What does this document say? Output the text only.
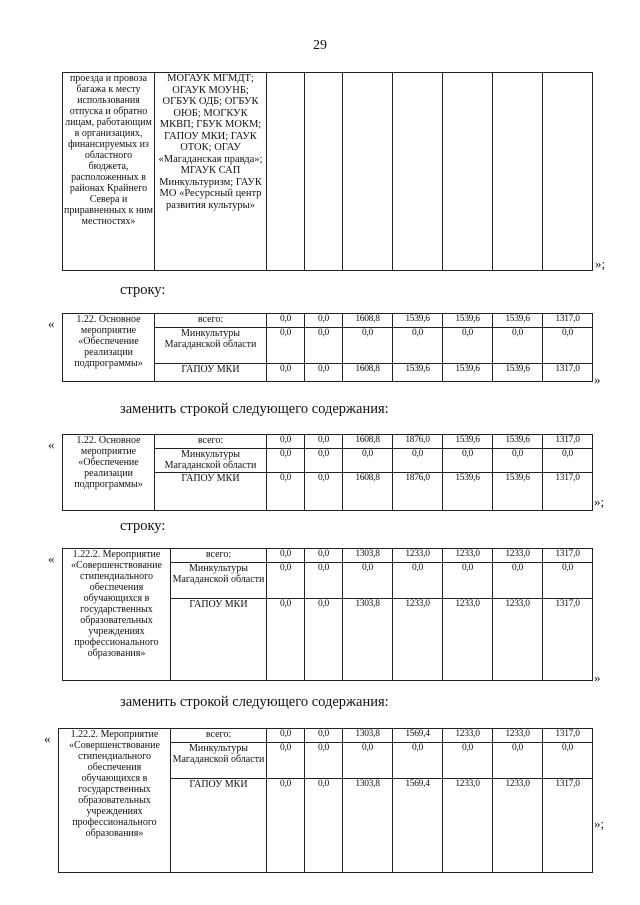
29
проезда и провоза багажа к месту использования отпуска и обратно лицам, работающим в организациях, финансируемых из областного бюджета, расположенных в районах Крайнего Севера и приравненных к ним местностях»	МОГАУК МГМДТ; ОГАУК МОУНБ; ОГБУК ОДБ; ОГБУК ОЮБ; МОГКУК МКВП; ГБУК МОКМ; ГАПОУ МКИ; ГАУК ОТОК; ОГАУ «Магаданская правда»; МГАУК САП Минкультуризм; ГАУК МО «Ресурсный центр развития культуры»							
»;
строку:
« 1.22. Основное мероприятие «Обеспечение реализации подпрограммы»	всего:	0,0	0,0	1608,8	1539,6	1539,6	1539,6	1317,0
	Минкультуры Магаданской области	0,0	0,0	0,0	0,0	0,0	0,0	0,0
	ГАПОУ МКИ	0,0	0,0	1608,8	1539,6	1539,6	1539,6	1317,0
»
заменить строкой следующего содержания:
« 1.22. Основное мероприятие «Обеспечение реализации подпрограммы»	всего:	0,0	0,0	1608,8	1876,0	1539,6	1539,6	1317,0
	Минкультуры Магаданской области	0,0	0,0	0,0	0,0	0,0	0,0	0,0
	ГАПОУ МКИ	0,0	0,0	1608,8	1876,0	1539,6	1539,6	1317,0
»;
строку:
« 1.22.2. Мероприятие «Совершенствование стипендиального обеспечения обучающихся в государственных образовательных учреждениях профессионального образования»	всего:	0,0	0,0	1303,8	1233,0	1233,0	1233,0	1317,0
	Минкультуры Магаданской области	0,0	0,0	0,0	0,0	0,0	0,0	0,0
	ГАПОУ МКИ	0,0	0,0	1303,8	1233,0	1233,0	1233,0	1317,0
»
заменить строкой следующего содержания:
« 1.22.2. Мероприятие «Совершенствование стипендиального обеспечения обучающихся в государственных образовательных учреждениях профессионального образования»	всего:	0,0	0,0	1303,8	1569,4	1233,0	1233,0	1317,0
	Минкультуры Магаданской области	0,0	0,0	0,0	0,0	0,0	0,0	0,0
	ГАПОУ МКИ	0,0	0,0	1303,8	1569,4	1233,0	1233,0	1317,0
»;
